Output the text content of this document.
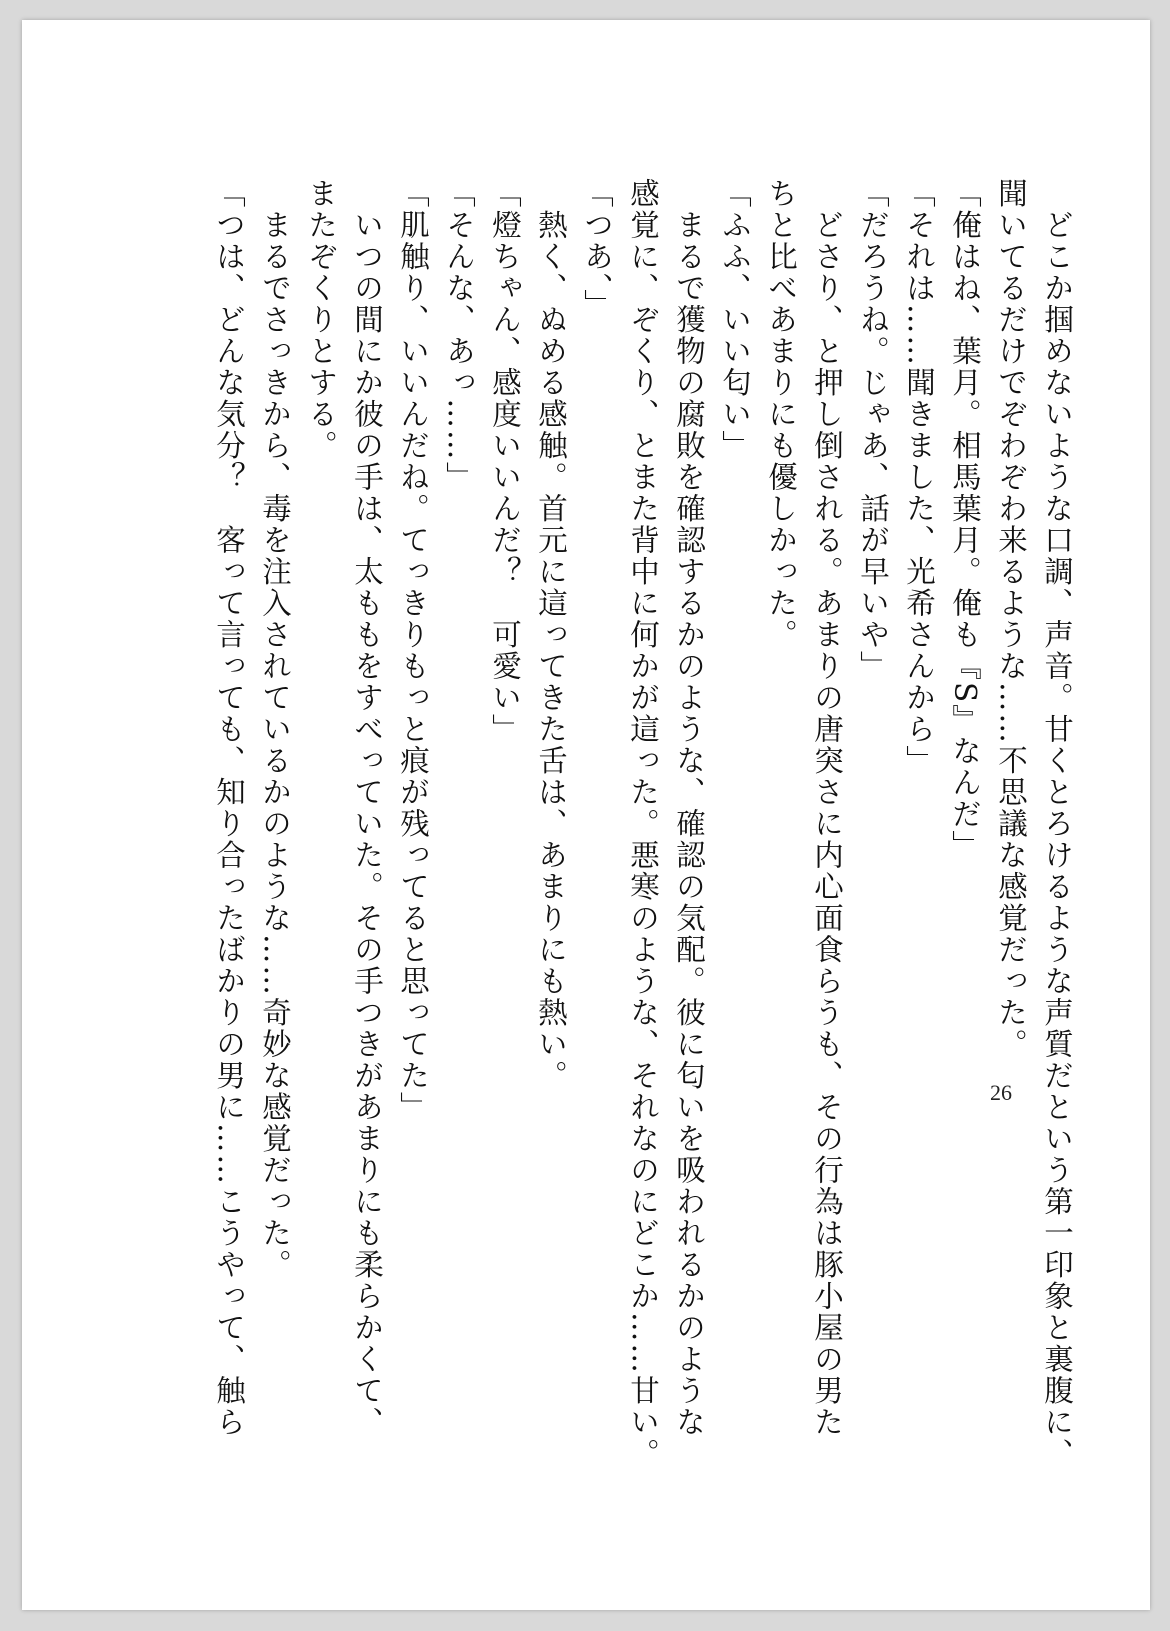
　どこか掴めないような口調、声音。甘くとろけるような声質だという第一印象と裏腹に、
聞いてるだけでぞわぞわ来るような……不思議な感覚だった。
「俺はね、葉月。相馬葉月。俺も『S』なんだ」
「それは……聞きました、光希さんから」
「だろうね。じゃあ、話が早いや」
　どさり、と押し倒される。あまりの唐突さに内心面食らうも、その行為は豚小屋の男た
ちと比べあまりにも優しかった。
「ふふ、いい匂い」
　まるで獲物の腐敗を確認するかのような、確認の気配。彼に匂いを吸われるかのような
感覚に、ぞくり、とまた背中に何かが這った。悪寒のような、それなのにどこか……甘い。
「つあ、」
　熱く、ぬめる感触。首元に這ってきた舌は、あまりにも熱い。
「燈ちゃん、感度いいんだ？　可愛い」
「そんな、あっ……」
「肌触り、いいんだね。てっきりもっと痕が残ってると思ってた」
　いつの間にか彼の手は、太ももをすべっていた。その手つきがあまりにも柔らかくて、
またぞくりとする。
　まるでさっきから、毒を注入されているかのような……奇妙な感覚だった。
「つは、どんな気分？　客って言っても、知り合ったばかりの男に……こうやって、触ら	26
